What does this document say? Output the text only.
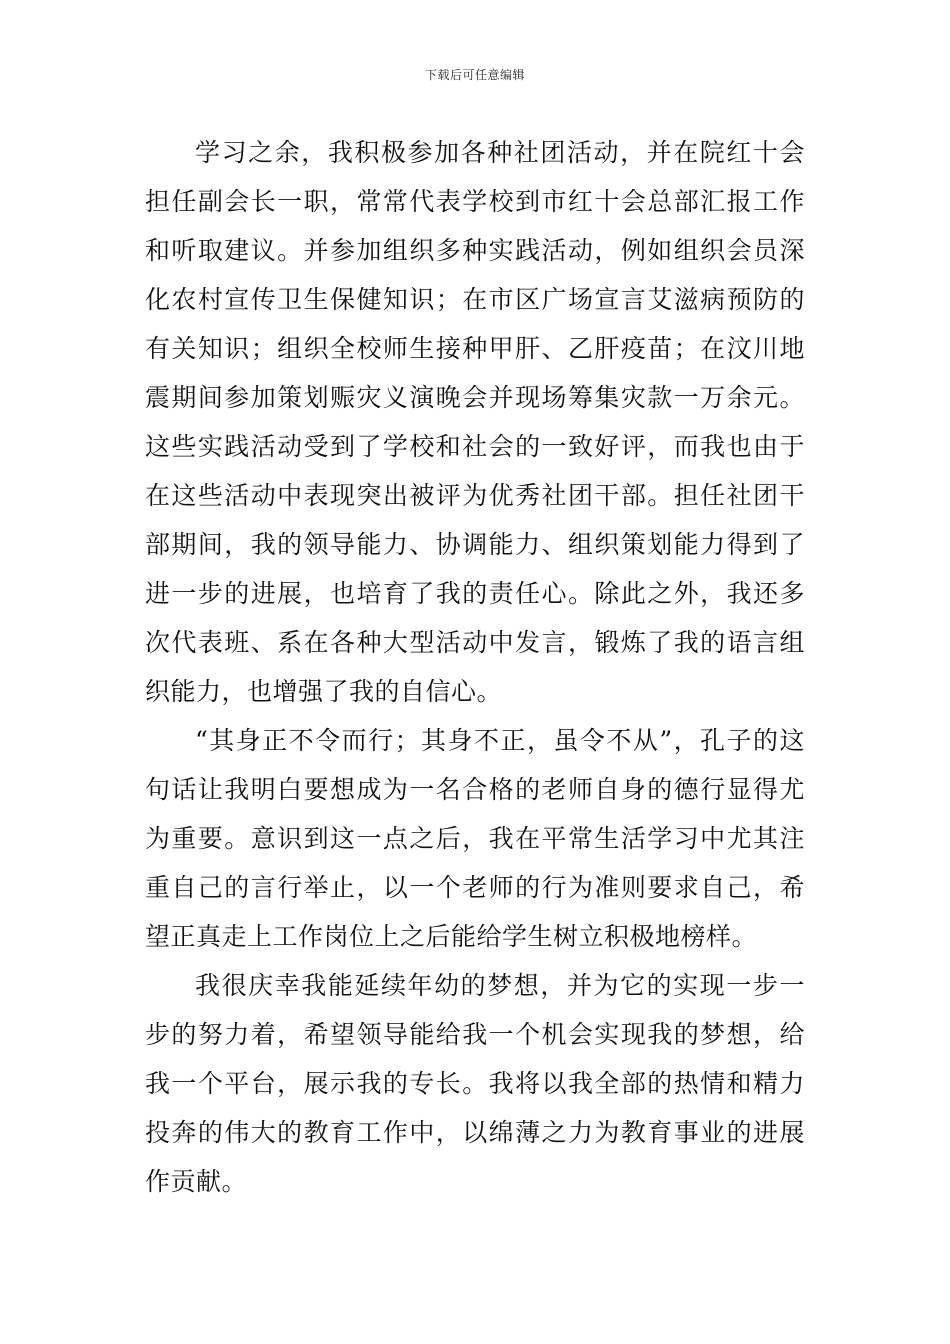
下载后可任意编辑

学习之余，我积极参加各种社团活动，并在院红十会担任副会长一职，常常代表学校到市红十会总部汇报工作和听取建议。并参加组织多种实践活动，例如组织会员深化农村宣传卫生保健知识；在市区广场宣言艾滋病预防的有关知识；组织全校师生接种甲肝、乙肝疫苗；在汶川地震期间参加策划赈灾义演晚会并现场筹集灾款一万余元。这些实践活动受到了学校和社会的一致好评，而我也由于在这些活动中表现突出被评为优秀社团干部。担任社团干部期间，我的领导能力、协调能力、组织策划能力得到了进一步的进展，也培育了我的责任心。除此之外，我还多次代表班、系在各种大型活动中发言，锻炼了我的语言组织能力，也增强了我的自信心。

“其身正不令而行；其身不正，虽令不从”，孔子的这句话让我明白要想成为一名合格的老师自身的德行显得尤为重要。意识到这一点之后，我在平常生活学习中尤其注重自己的言行举止，以一个老师的行为准则要求自己，希望正真走上工作岗位上之后能给学生树立积极地榜样。

我很庆幸我能延续年幼的梦想，并为它的实现一步一步的努力着，希望领导能给我一个机会实现我的梦想，给我一个平台，展示我的专长。我将以我全部的热情和精力投奔的伟大的教育工作中，以绵薄之力为教育事业的进展作贡献。
